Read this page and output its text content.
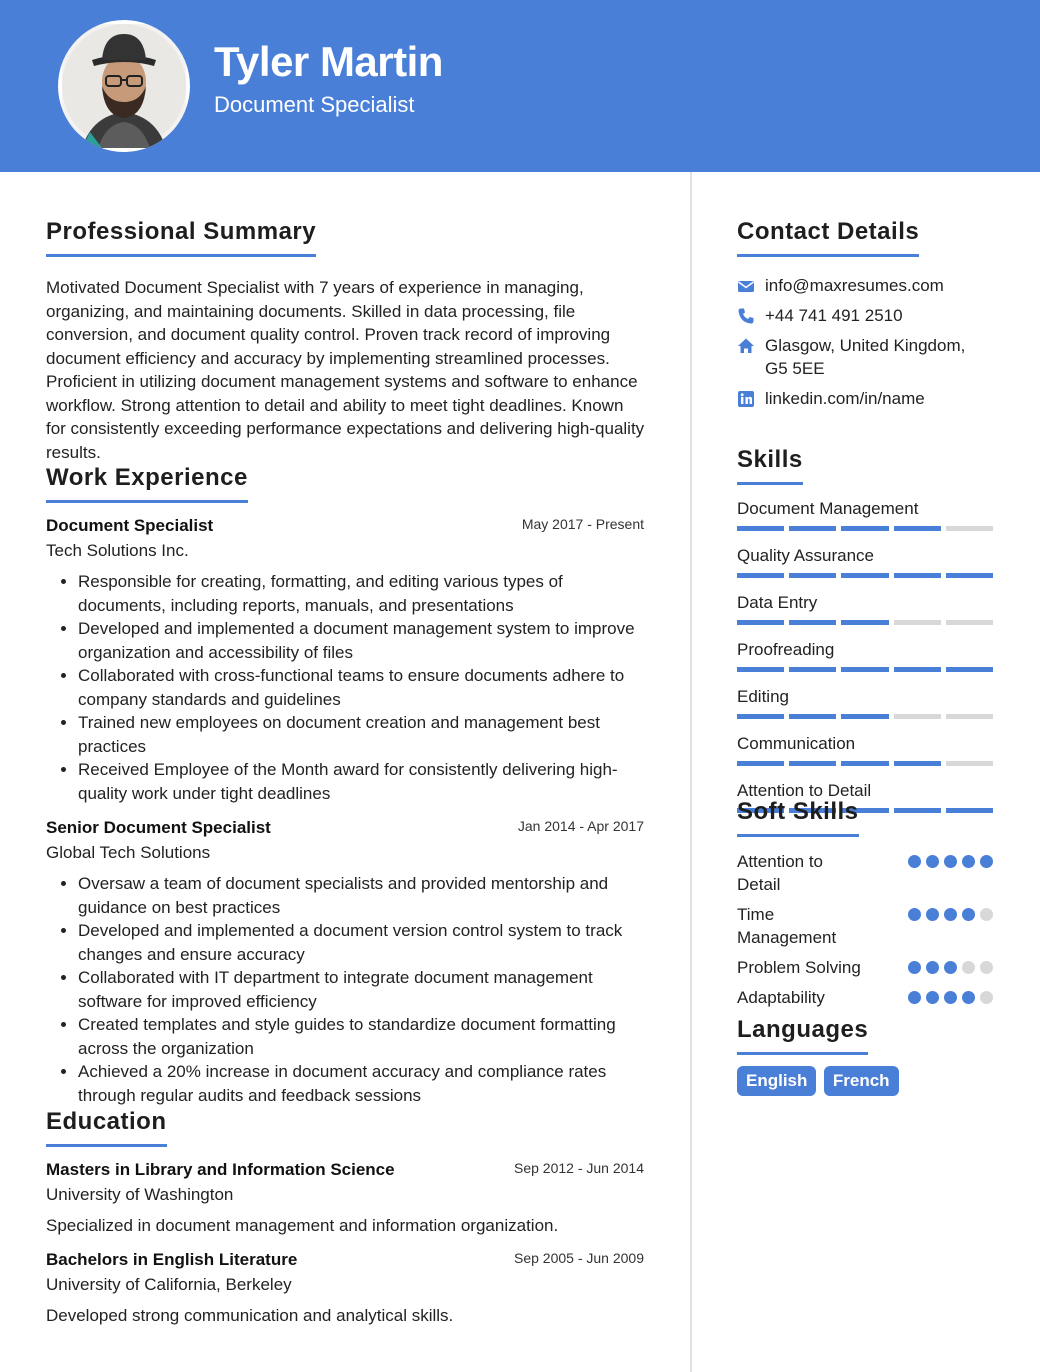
Tyler Martin
Document Specialist
Professional Summary

Motivated Document Specialist with 7 years of experience in managing, organizing, and maintaining documents. Skilled in data processing, file conversion, and document quality control. Proven track record of improving document efficiency and accuracy by implementing streamlined processes. Proficient in utilizing document management systems and software to enhance workflow. Strong attention to detail and ability to meet tight deadlines. Known for consistently exceeding performance expectations and delivering high-quality results.

Work Experience
Document Specialist	May 2017 - Present
Tech Solutions Inc.
• Responsible for creating, formatting, and editing various types of documents, including reports, manuals, and presentations
• Developed and implemented a document management system to improve organization and accessibility of files
• Collaborated with cross-functional teams to ensure documents adhere to company standards and guidelines
• Trained new employees on document creation and management best practices
• Received Employee of the Month award for consistently delivering high-quality work under tight deadlines
Senior Document Specialist	Jan 2014 - Apr 2017
Global Tech Solutions
• Oversaw a team of document specialists and provided mentorship and guidance on best practices
• Developed and implemented a document version control system to track changes and ensure accuracy
• Collaborated with IT department to integrate document management software for improved efficiency
• Created templates and style guides to standardize document formatting across the organization
• Achieved a 20% increase in document accuracy and compliance rates through regular audits and feedback sessions
Education
Masters in Library and Information Science	Sep 2012 - Jun 2014
University of Washington

Specialized in document management and information organization.

Bachelors in English Literature	Sep 2005 - Jun 2009
University of California, Berkeley

Developed strong communication and analytical skills.

Contact Details
info@maxresumes.com
+44 741 491 2510
Glasgow, United Kingdom,
G5 5EE
linkedin.com/in/name
Skills
Document Management
Quality Assurance
Data Entry
Proofreading
Editing
Communication
Attention to Detail
Soft Skills
Attention to
Detail
Time
Management
Problem Solving
Adaptability
Languages
English French
